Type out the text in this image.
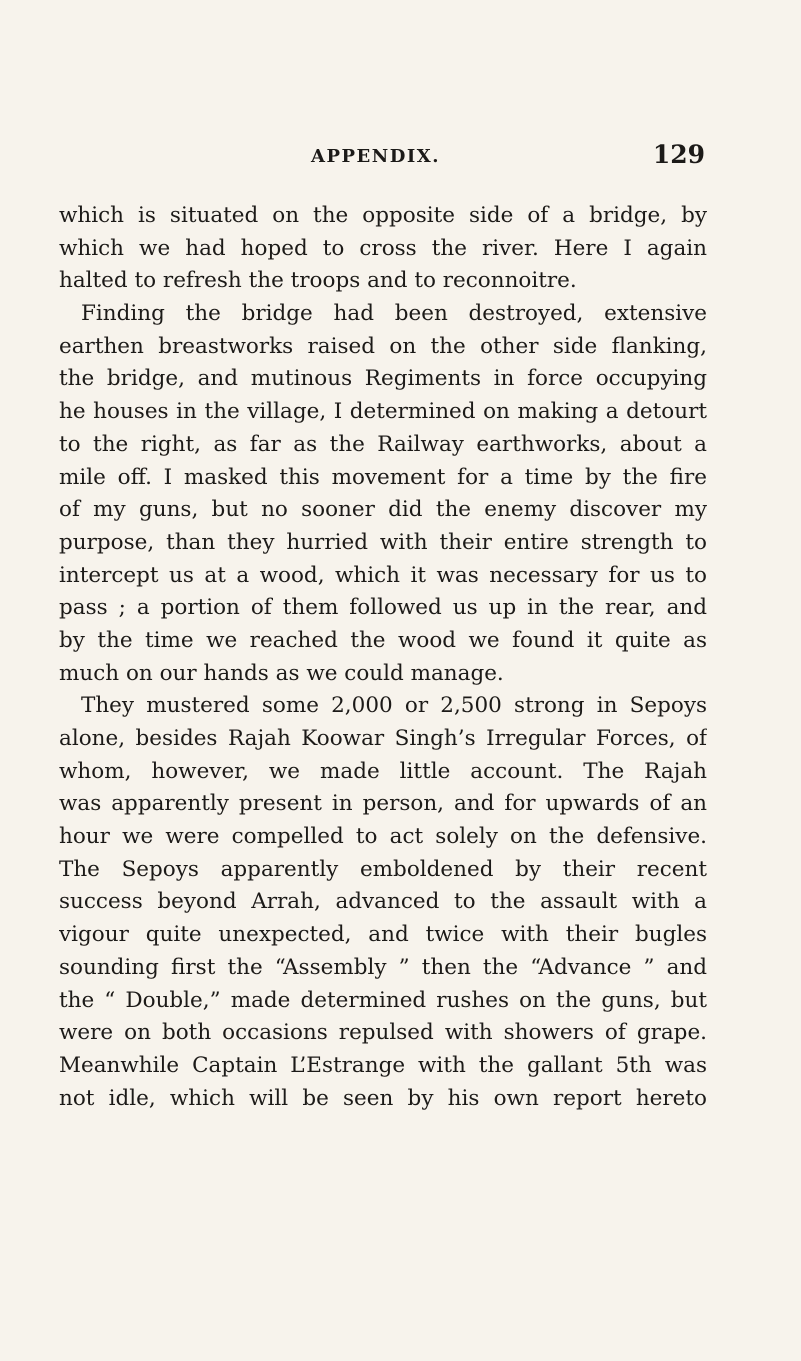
APPENDIX.	129
which is situated on the opposite side of a bridge, by
which we had hoped to cross the river. Here I again
halted to refresh the troops and to reconnoitre.
Finding the bridge had been destroyed, extensive
earthen breastworks raised on the other side flanking,
the bridge, and mutinous Regiments in force occupying
he houses in the village, I determined on making a detourt
to the right, as far as the Railway earthworks, about a
mile off. I masked this movement for a time by the fire
of my guns, but no sooner did the enemy discover my
purpose, than they hurried with their entire strength to
intercept us at a wood, which it was necessary for us to
pass ; a portion of them followed us up in the rear, and
by the time we reached the wood we found it quite as
much on our hands as we could manage.
They mustered some 2,000 or 2,500 strong in Sepoys
alone, besides Rajah Koowar Singh’s Irregular Forces, of
whom, however, we made little account. The Rajah
was apparently present in person, and for upwards of an
hour we were compelled to act solely on the defensive.
The Sepoys apparently emboldened by their recent
success beyond Arrah, advanced to the assault with a
vigour quite unexpected, and twice with their bugles
sounding first the “Assembly ” then the “Advance ” and
the “ Double,” made determined rushes on the guns, but
were on both occasions repulsed with showers of grape.
Meanwhile Captain L’Estrange with the gallant 5th was
not idle, which will be seen by his own report hereto
